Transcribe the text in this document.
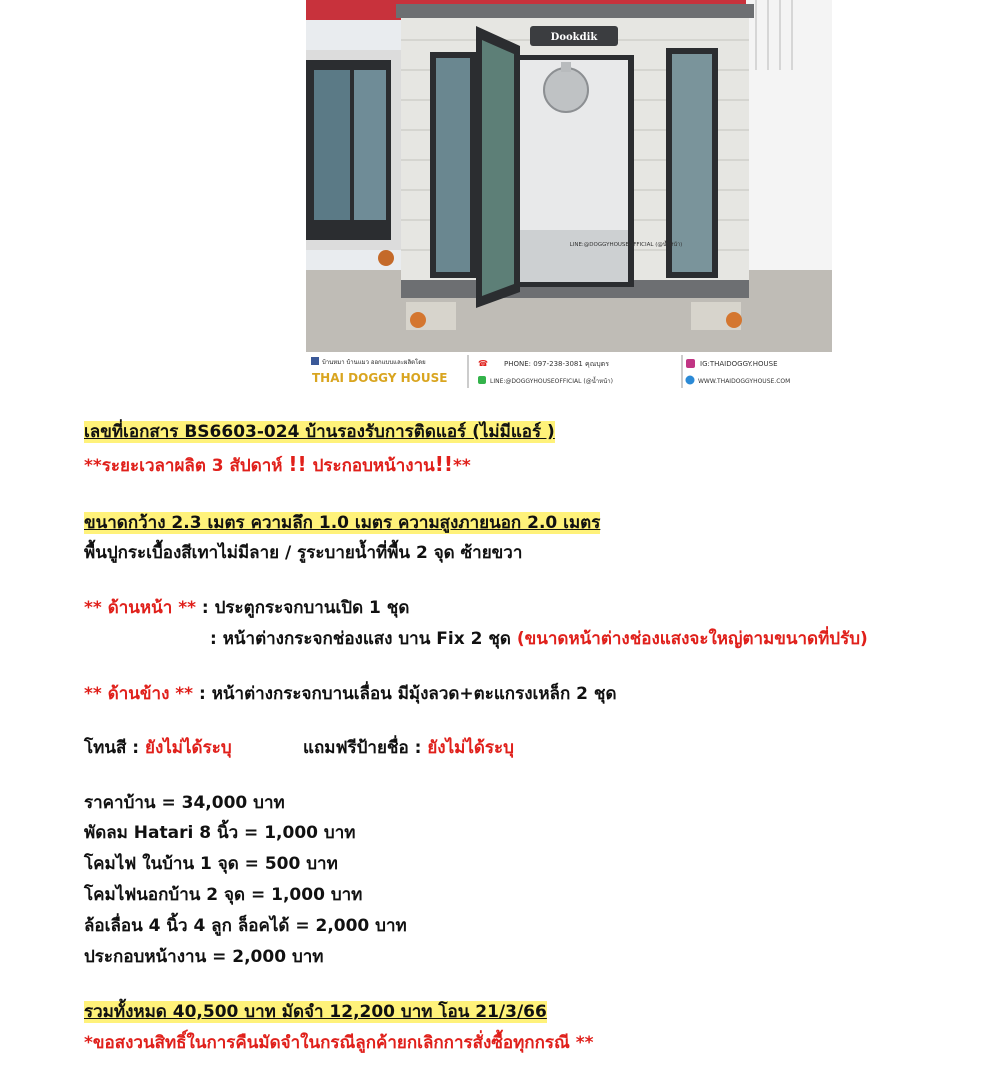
Dookdik
LINE:@DOGGYHOUSEOFFICIAL (@น้ำหน้า)
บ้านหมา บ้านแมว ออกแบบและผลิตโดย
THAI DOGGY HOUSE
☎ PHONE: 097-238-3081 คุณบุตร
LINE:@DOGGYHOUSEOFFICIAL (@น้ำหน้า)
IG:THAIDOGGY.HOUSE
WWW.THAIDOGGYHOUSE.COM
เลขที่เอกสาร BS6603-024 บ้านรองรับการติดแอร์ (ไม่มีแอร์ )
**ระยะเวลาผลิต 3 สัปดาห์ !! ประกอบหน้างาน!!**
ขนาดกว้าง 2.3 เมตร ความลึก 1.0 เมตร ความสูงภายนอก 2.0 เมตร
พื้นปูกระเบื้องสีเทาไม่มีลาย / รูระบายน้ำที่พื้น 2 จุด ซ้ายขวา
** ด้านหน้า ** : ประตูกระจกบานเปิด 1 ชุด
: หน้าต่างกระจกช่องแสง บาน Fix 2 ชุด (ขนาดหน้าต่างช่องแสงจะใหญ่ตามขนาดที่ปรับ)
** ด้านข้าง ** : หน้าต่างกระจกบานเลื่อน มีมุ้งลวด+ตะแกรงเหล็ก 2 ชุด
โทนสี : ยังไม่ได้ระบุ	แถมฟรีป้ายชื่อ : ยังไม่ได้ระบุ
ราคาบ้าน = 34,000 บาท
พัดลม Hatari 8 นิ้ว = 1,000 บาท
โคมไฟ ในบ้าน 1 จุด = 500 บาท
โคมไฟนอกบ้าน 2 จุด = 1,000 บาท
ล้อเลื่อน 4 นิ้ว 4 ลูก ล็อคได้ = 2,000 บาท
ประกอบหน้างาน = 2,000 บาท
รวมทั้งหมด 40,500 บาท มัดจำ 12,200 บาท โอน 21/3/66
*ขอสงวนสิทธิ์ในการคืนมัดจำในกรณีลูกค้ายกเลิกการสั่งซื้อทุกกรณี **
